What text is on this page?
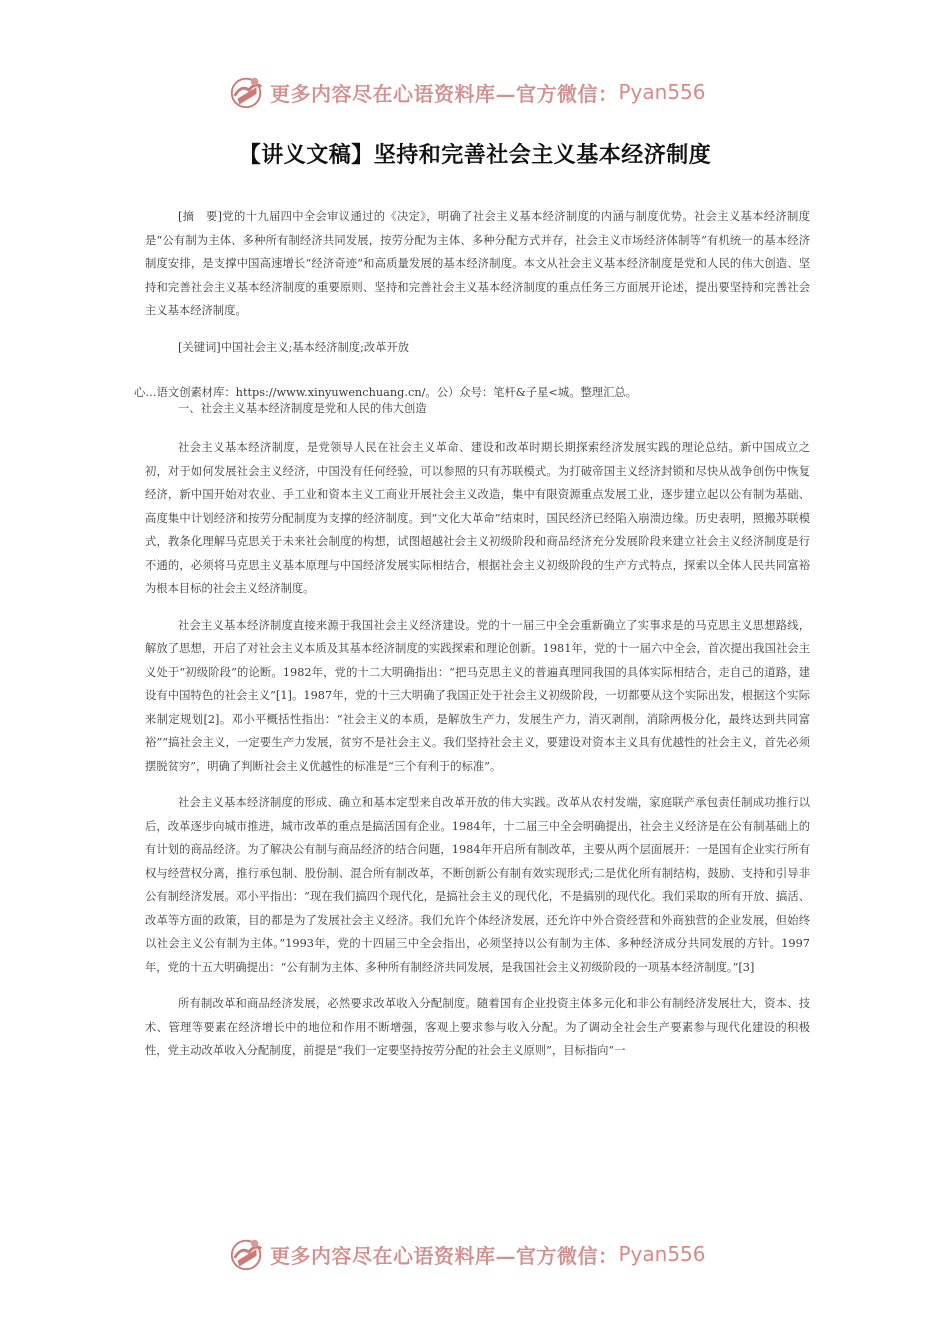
更多内容尽在心语资料库—官方微信： Pyan556
【讲义文稿】坚持和完善社会主义基本经济制度

[摘　要]党的十九届四中全会审议通过的《决定》，明确了社会主义基本经济制度的内涵与制度优势。社会主义基本经济制度是“公有制为主体、多种所有制经济共同发展，按劳分配为主体、多种分配方式并存，社会主义市场经济体制等”有机统一的基本经济制度安排，是支撑中国高速增长“经济奇迹”和高质量发展的基本经济制度。本文从社会主义基本经济制度是党和人民的伟大创造、坚持和完善社会主义基本经济制度的重要原则、坚持和完善社会主义基本经济制度的重点任务三方面展开论述，提出要坚持和完善社会主义基本经济制度。

[关键词]中国社会主义;基本经济制度;改革开放

心…语文创素材库：https://www.xinyuwenchuang.cn/。公）众号：笔杆&子星<城。整理汇总。
一、社会主义基本经济制度是党和人民的伟大创造

社会主义基本经济制度，是党领导人民在社会主义革命、建设和改革时期长期探索经济发展实践的理论总结。新中国成立之初，对于如何发展社会主义经济，中国没有任何经验，可以参照的只有苏联模式。为打破帝国主义经济封锁和尽快从战争创伤中恢复经济，新中国开始对农业、手工业和资本主义工商业开展社会主义改造，集中有限资源重点发展工业，逐步建立起以公有制为基础、高度集中计划经济和按劳分配制度为支撑的经济制度。到“文化大革命”结束时，国民经济已经陷入崩溃边缘。历史表明，照搬苏联模式，教条化理解马克思关于未来社会制度的构想，试图超越社会主义初级阶段和商品经济充分发展阶段来建立社会主义经济制度是行不通的，必须将马克思主义基本原理与中国经济发展实际相结合，根据社会主义初级阶段的生产方式特点，探索以全体人民共同富裕为根本目标的社会主义经济制度。

社会主义基本经济制度直接来源于我国社会主义经济建设。党的十一届三中全会重新确立了实事求是的马克思主义思想路线，解放了思想，开启了对社会主义本质及其基本经济制度的实践探索和理论创新。1981年，党的十一届六中全会，首次提出我国社会主义处于“初级阶段”的论断。1982年，党的十二大明确指出：“把马克思主义的普遍真理同我国的具体实际相结合，走自己的道路，建设有中国特色的社会主义”[1]。1987年，党的十三大明确了我国正处于社会主义初级阶段，一切都要从这个实际出发，根据这个实际来制定规划[2]。邓小平概括性指出：“社会主义的本质，是解放生产力，发展生产力，消灭剥削，消除两极分化，最终达到共同富裕”“搞社会主义，一定要生产力发展，贫穷不是社会主义。我们坚持社会主义，要建设对资本主义具有优越性的社会主义，首先必须摆脱贫穷”，明确了判断社会主义优越性的标准是“三个有利于的标准”。

社会主义基本经济制度的形成、确立和基本定型来自改革开放的伟大实践。改革从农村发端，家庭联产承包责任制成功推行以后，改革逐步向城市推进，城市改革的重点是搞活国有企业。1984年，十二届三中全会明确提出，社会主义经济是在公有制基础上的有计划的商品经济。为了解决公有制与商品经济的结合问题，1984年开启所有制改革，主要从两个层面展开：一是国有企业实行所有权与经营权分离，推行承包制、股份制、混合所有制改革，不断创新公有制有效实现形式;二是优化所有制结构，鼓励、支持和引导非公有制经济发展。邓小平指出：“现在我们搞四个现代化，是搞社会主义的现代化，不是搞别的现代化。我们采取的所有开放、搞活、改革等方面的政策，目的都是为了发展社会主义经济。我们允许个体经济发展，还允许中外合资经营和外商独营的企业发展，但始终以社会主义公有制为主体。”1993年，党的十四届三中全会指出，必须坚持以公有制为主体、多种经济成分共同发展的方针。1997年，党的十五大明确提出：“公有制为主体、多种所有制经济共同发展，是我国社会主义初级阶段的一项基本经济制度。”[3]

所有制改革和商品经济发展，必然要求改革收入分配制度。随着国有企业投资主体多元化和非公有制经济发展壮大，资本、技术、管理等要素在经济增长中的地位和作用不断增强，客观上要求参与收入分配。为了调动全社会生产要素参与现代化建设的积极性，党主动改革收入分配制度，前提是“我们一定要坚持按劳分配的社会主义原则”，目标指向“一

更多内容尽在心语资料库—官方微信： Pyan556
